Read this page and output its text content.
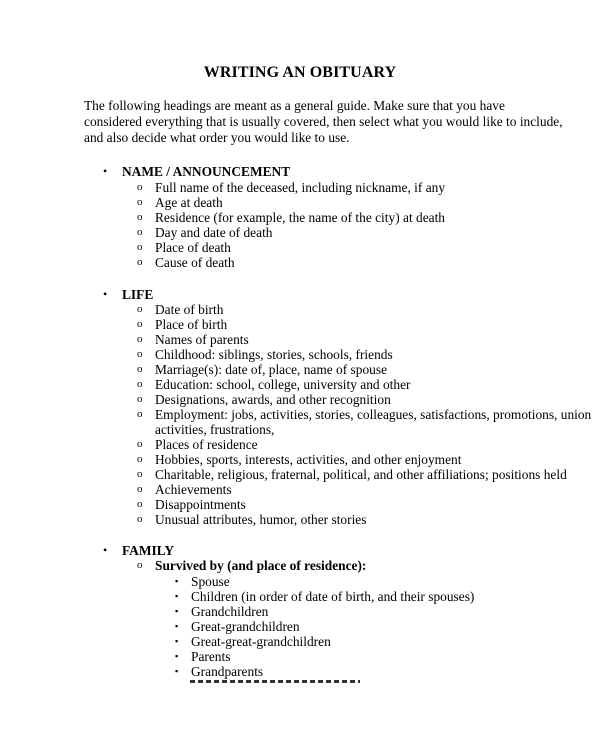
WRITING AN OBITUARY
The following headings are meant as a general guide. Make sure that you have considered everything that is usually covered, then select what you would like to include, and also decide what order you would like to use.
• NAME / ANNOUNCEMENT
o Full name of the deceased, including nickname, if any
o Age at death
o Residence (for example, the name of the city) at death
o Day and date of death
o Place of death
o Cause of death
• LIFE
o Date of birth
o Place of birth
o Names of parents
o Childhood: siblings, stories, schools, friends
o Marriage(s): date of, place, name of spouse
o Education: school, college, university and other
o Designations, awards, and other recognition
o Employment: jobs, activities, stories, colleagues, satisfactions, promotions, union
activities, frustrations,
o Places of residence
o Hobbies, sports, interests, activities, and other enjoyment
o Charitable, religious, fraternal, political, and other affiliations; positions held
o Achievements
o Disappointments
o Unusual attributes, humor, other stories
• FAMILY
o Survived by (and place of residence):
▪ Spouse
▪ Children (in order of date of birth, and their spouses)
▪ Grandchildren
▪ Great-grandchildren
▪ Great-great-grandchildren
▪ Parents
▪ Grandparents
